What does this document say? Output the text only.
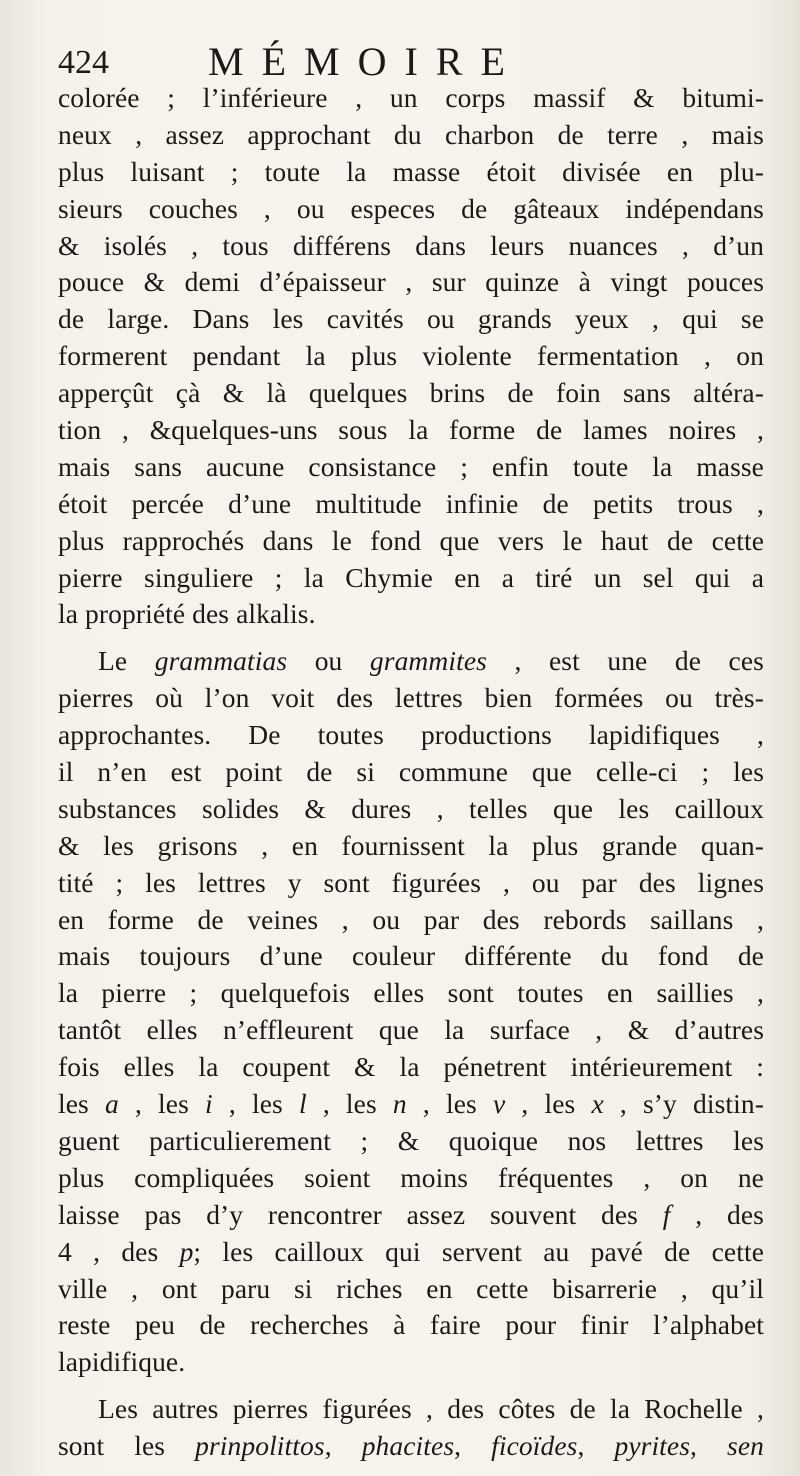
424 MÉMOIRE
colorée ; l’inférieure , un corps massif & bitumi-
neux , assez approchant du charbon de terre , mais
plus luisant ; toute la masse étoit divisée en plu-
sieurs couches , ou especes de gâteaux indépendans
& isolés , tous différens dans leurs nuances , d’un
pouce & demi d’épaisseur , sur quinze à vingt pouces
de large. Dans les cavités ou grands yeux , qui se
formerent pendant la plus violente fermentation , on
apperçût çà & là quelques brins de foin sans altéra-
tion , &quelques-uns sous la forme de lames noires ,
mais sans aucune consistance ; enfin toute la masse
étoit percée d’une multitude infinie de petits trous ,
plus rapprochés dans le fond que vers le haut de cette
pierre singuliere ; la Chymie en a tiré un sel qui a
la propriété des alkalis.
Le grammatias ou grammites , est une de ces
pierres où l’on voit des lettres bien formées ou très-
approchantes. De toutes productions lapidifiques ,
il n’en est point de si commune que celle-ci ; les
substances solides & dures , telles que les cailloux
& les grisons , en fournissent la plus grande quan-
tité ; les lettres y sont figurées , ou par des lignes
en forme de veines , ou par des rebords saillans ,
mais toujours d’une couleur différente du fond de
la pierre ; quelquefois elles sont toutes en saillies ,
tantôt elles n’effleurent que la surface , & d’autres
fois elles la coupent & la pénetrent intérieurement :
les a , les i , les l , les n , les v , les x , s’y distin-
guent particulierement ; & quoique nos lettres les
plus compliquées soient moins fréquentes , on ne
laisse pas d’y rencontrer assez souvent des f , des
4 , des p; les cailloux qui servent au pavé de cette
ville , ont paru si riches en cette bisarrerie , qu’il
reste peu de recherches à faire pour finir l’alphabet
lapidifique.
Les autres pierres figurées , des côtes de la Rochelle ,
sont les prinpolittos, phacites, ficoïdes, pyrites, sen
